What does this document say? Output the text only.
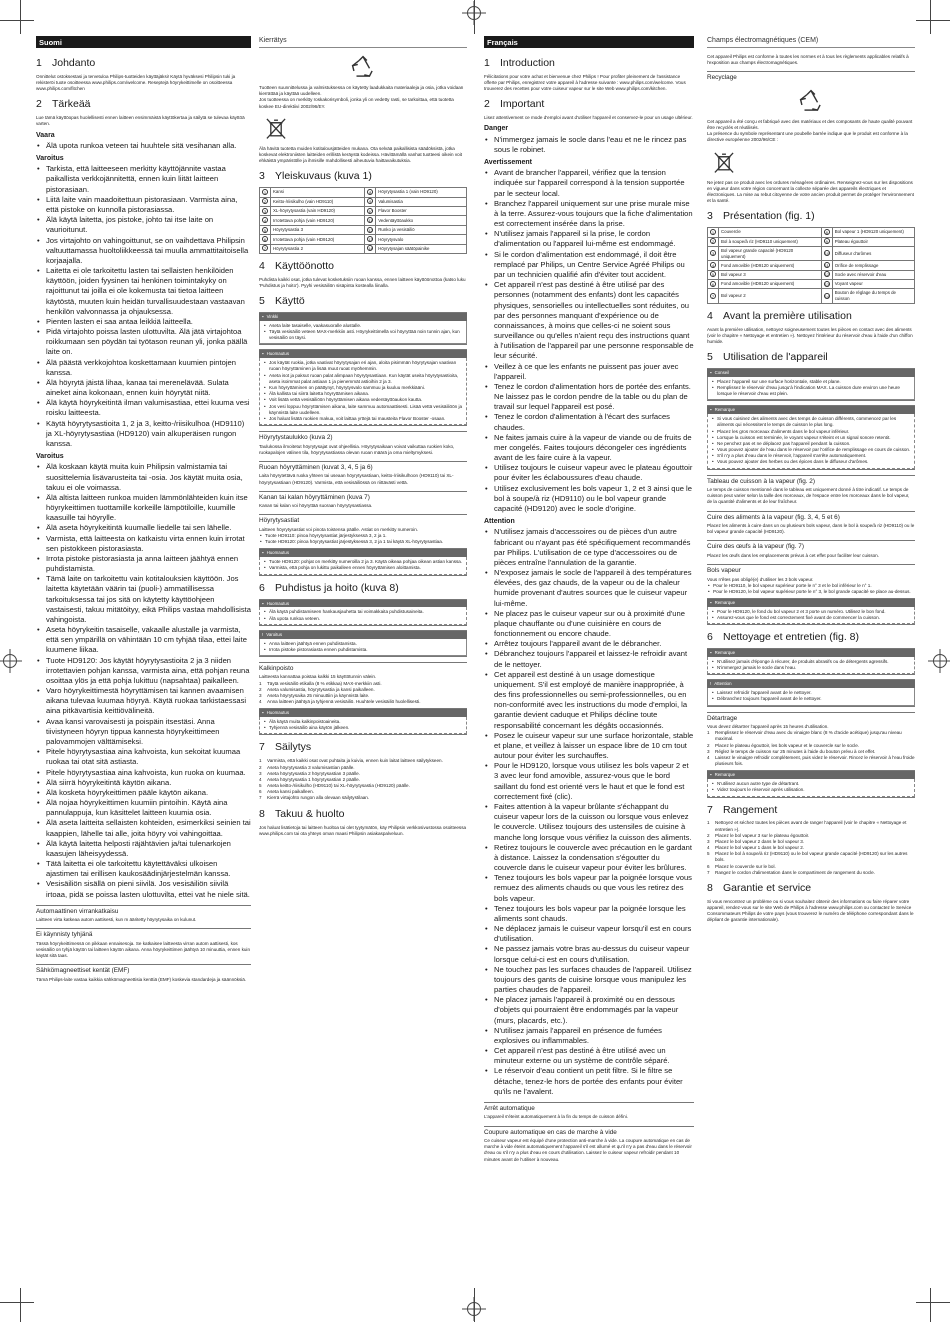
Suomi
1 Johdanto

Onnittelut ostoksestasi ja tervetuloa Philips-tuotteiden käyttäjäksi! Käytä hyväksesi Philipsin tuki ja rekisteröi tuote osoitteessa www.philips.com/welcome. Reseptejä höyrykeittimelle on osoitteessa www.philips.com/fitchen

2 Tärkeää

Lue tämä käyttöopas huolellisesti ennen laitteen ensimmäistä käyttökertaa ja säilytä se tulevaa käyttöä varten.

Vaara
• Älä upota runkoa veteen tai huuhtele sitä vesihanan alla.
Varoitus
• Tarkista, että laitteeseen merkitty käyttöjännite vastaa paikallista verkkojännitettä, ennen kuin liität laitteen pistorasiaan.
• Liitä laite vain maadoitettuun pistorasiaan. Varmista aina, että pistoke on kunnolla pistorasiassa.
• Älä käytä laitetta, jos pistoke, johto tai itse laite on vaurioitunut.
• Jos virtajohto on vahingoittunut, se on vaihdettava Philipsin valtuuttamassa huoltoliikkeessä tai muulla ammattitaitoisella korjaajalla.
• Laitetta ei ole tarkoitettu lasten tai sellaisten henkilöiden käyttöön, joiden fyysinen tai henkinen toimintakyky on rajoittunut tai joilla ei ole kokemusta tai tietoa laitteen käytöstä, muuten kuin heidän turvallisuudestaan vastaavan henkilön valvonnassa ja ohjauksessa.
• Pienten lasten ei saa antaa leikkiä laitteella.
• Pidä virtajohto poissa lasten ulottuvilta. Älä jätä virtajohtoa roikkumaan sen pöydän tai työtason reunan yli, jonka päällä laite on.
• Älä päästä verkkojohtoa koskettamaan kuumien pintojen kanssa.
• Älä höyrytä jäistä lihaa, kanaa tai merenelävää. Sulata aineket aina kokonaan, ennen kuin höyrytät niitä.
• Älä käytä höyrykeitintä ilman valumisastiaa, ettei kuuma vesi roisku laitteesta.
• Käytä höyrytysastioita 1, 2 ja 3, keitto-/riisikulhoa (HD9110) ja XL-höyrytysastiaa (HD9120) vain alkuperäisen rungon kanssa.
Varoitus
• Älä koskaan käytä muita kuin Philipsin valmistamia tai suosittelemia lisävarusteita tai -osia. Jos käytät muita osia, takuu ei ole voimassa.
• Älä altista laitteen runkoa muiden lämmönlähteiden kuin itse höyrykeittimen tuottamille korkeille lämpötiloille, kuumille kaasuille tai höyrylle.
• Älä aseta höyrykeitintä kuumalle liedelle tai sen lähelle.
• Varmista, että laitteesta on katkaistu virta ennen kuin irrotat sen pistokkeen pistorasiasta.
• Irrota pistoke pistorasiasta ja anna laitteen jäähtyä ennen puhdistamista.
• Tämä laite on tarkoitettu vain kotitalouksien käyttöön. Jos laitetta käytetään väärin tai (puoli-) ammatillisessa tarkoituksessa tai jos sitä on käytetty käyttöohjeen vastaisesti, takuu mitätöityy, eikä Philips vastaa mahdollisista vahingoista.
• Aseta höyrykeitin tasaiselle, vakaalle alustalle ja varmista, että sen ympärillä on vähintään 10 cm tyhjää tilaa, ettei laite kuumene liikaa.
• Tuote HD9120: Jos käytät höyrytysastioita 2 ja 3 niiden irrotettavien pohjan kanssa, varmista aina, että pohjan reuna osoittaa ylös ja että pohja lukittuu (napsahtaa) paikalleen.
• Varo höyrykeittimestä höyryttämisen tai kannen avaamisen aikana tulevaa kuumaa höyryä. Käytä ruokaa tarkistaessasi aina pitkävartisia keittiövälineitä.
• Avaa kansi varovaisesti ja poispäin itsestäsi. Anna tiivistyneen höyryn tippua kannesta höyrykeittimeen palovammojen välttämiseksi.
• Pitele höyrytysastiaa aina kahvoista, kun sekoitat kuumaa ruokaa tai otat sitä astiasta.
• Pitele höyrytysastiaa aina kahvoista, kun ruoka on kuumaa.
• Älä siirrä höyrykeitintä käytön aikana.
• Älä kosketa höyrykeittimen pääle käytön aikana.
• Älä nojaa höyrykeittimen kuumiin pintoihin. Käytä aina pannulappuja, kun käsittelet laitteen kuumia osia.
• Älä aseta laitteita sellaisten kohteiden, esimerkiksi seinien tai kaappien, lähelle tai alle, joita höyry voi vahingoittaa.
• Älä käytä laitetta helposti räjähtävien ja/tai tulenarkojen kaasujen läheisyydessä.
• Tätä laitetta ei ole tarkoitettu käytettäväksi ulkoisen ajastimen tai erillisen kaukosäädinjärjestelmän kanssa.
• Vesisäiliön sisällä on pieni siivilä. Jos vesisäiliön siivilä irtoaa, pidä se poissa lasten ulottuvilta, ettei vat he niele sitä.
Automaattinen virrankatkaisu

Laitteen virta katkeaa autom aattisesti, kun m ääritetty höyrytysaika on kulunut.

Ei käynnisty tyhjänä

Tässä höyrykeittimessä on pikkaan ennaisesoja. Se katkaisee laitteesta virran autom aattisesti, kos vesisäiliö on tyhjä käytön tai laitteen käytön aikana. Anna höyrykeittimen jäähtyä 10 minuuttia, ennen kuin käytät sitä taas.

Sähkömagneettiset kentät (EMF)

Tämä Philips-laite vastaa kaikkia sähkömagneettisia kenttiä (EMF) koskevia standardeja ja säännöksiä.

Kierrätys

Tuotteen suunnittelussa ja valmistuksessa on käytetty laadukkaita materiaaleja ja osia, jotka voidaan kierrättää ja käyttää uudelleen.

Jos tuotteessa on merkitty roskakorisymboli, jonka yli on vedetty rasti, se tarkoittaa, että tuotetta koskee EU-direktiivi 2002/96/EY.

Älä hävitä tuotetta muiden kotitalousjätteiden mukana. Ota selvää paikallisista säädöksistä, jotka koskevat elektroniisten laitteiden erillistä keräystä kodeissa. Hävittämällä vanhat tuotteesi oikein voit ehkäistä ympäristölle ja ihmisille mahdollisesti aiheutuvia haittavaikutuksia.

3 Yleiskuvaus (kuva 1)
1	Kansi	8	Höyrytysastia 1 (vain HD9120)
2	Keitto-/riisikulho (vain HD9110)	9	Valumisastia
3	XL-höyrytysastia (vain HD9120)	10	Flavor Booster
4	Irrotettava pohja (vain HD9120)	11	Vedentäyttöaukko
5	Höyrytysastia 3	12	Runko ja vesisäiliö
6	Irrotettava pohja (vain HD9120)	13	Höyrytysvalo
7	Höyrytysastia 2	14	Höyrytysajan säätöpainike
4 Käyttöönotto

Puhdista kaikki osat, jotka tulevat kosketuksiin ruoan kanssa, ennen laitteen käyttöönottoa (katso luku 'Puhdistus ja hoito'). Pyyhi vesisäiliön sisäpinta kostealla liinalla.

5 Käyttö
▪ Vinkki
• Aseta laite tasaiselle, vaakasuoralle alustalle.
• Täytä vesisäiliö veteen MAX-merkkiin asti. Höyrykeittimellä voi höyryttää noin tunnin ajan, kun vesisäiliö on täysi.
▪ Huomautus
• Jos käytät ruokia, jotka vaativat höyrytysajan eri ajan, aloita pisimmän höyrytysajan vaativan ruoan höyryttäminen ja lisää muut ruoat myöhemmin.
• Aseta isot ja paksut ruoan palat alimpaan höyrytysastiaan. Kun käytät useita höyrytysastioita, aseta isoimmat palat astiaan 1 ja pienemmät astioihin 2 ja 3.
• Kun höyryttäminen on päättynyt, höyrytysvalo sammuu ja kuuluu merkkiääni.
• Älä kallista tai siirrä laitetta höyryttämisen aikana.
• Voit lisätä vettä vesisäiliöön höyryttämisen aikana vedentäyttöaukon kautta.
• Jos vesi loppuu höyryttämisen aikana, laite sammuu automaattisesti. Lisää vettä vesisäiliöön ja käynnistä laite uudelleen.
• Jos haluat lisätä ruokien makua, voit laittaa yrttejä tai mausteita Flavor Booster -osaan.
Höyrytystaulukko (kuva 2)

Taulukossa ilmoitetut höyrytysajat ovat ohjeellisia. Höyrytysaikaan voivat vaikuttaa ruokien koko, ruokapalojen välinen tila, höyrytysastiassa olevan ruoan määrä ja oma mieltymyksesi.

Ruoan höyryttäminen (kuvat 3, 4, 5 ja 6)

Laita höyrytettävä ruoka yhteen tai useaan höyrytysastiaan, keitto-/riisikulhoon (HD9110) tai XL-höyrytysastiaan (HD9120). Varmista, että vesisäiliössä on riittävästi vettä.

Kanan tai kalan höyryttäminen (kuva 7)

Kanan tai kalan voi höyryttää suoraan höyrytysastiassa.

Höyrytysastiat

Laitteen höyrytysastiat voi pinota toistensa päälle. Astiat on merkitty numeroin.

• Tuote HD9110: pinoa höyrytysastiat järjestyksessä 3, 2 ja 1.
• Tuote HD9120: pinoa höyrytysastiat järjestyksessä 3, 2 ja 1 tai käytä XL-höyrytysastiaa.
▪ Huomautus
• Tuote HD9120: pohjat on merkitty numeroilla 2 ja 3. Käytä oikeaa pohjaa oikean astian kanssa.
• Varmista, että pohja on lukittu paikalleen ennen höyryttämisen aloittamista.
6 Puhdistus ja hoito (kuva 8)
▪ Huomautus
• Älä käytä puhdistamiseen hankausjauhetta tai voimakkaita puhdistusaineita.
• Älä upota runkoa veteen.
! Varoitus
• Anna laitteen jäähtyä ennen puhdistamista.
• Irrota pistoke pistorasiasta ennen puhdistamista.
Kalkinpoisto

Laitteesta kannattaa poistaa kalkki 15 käyttötunnin välein.

1 Täytä vesisäiliö etikalla (8 % etikkaa) MAX-merkkiin asti.
2 Aseta valumisastia, höyrytysastia ja kansi paikalleen.
3 Aseta höyrytysaika 25 minuuttiin ja käynnistä laite.
4 Anna laitteen jäähtyä ja tyhjennä vesisäiliö. Huuhtele vesisäiliö huolellisesti.
▪ Huomautus
• Älä käytä muita kalkinpoistoaineita.
• Tyhjennä vesisäiliö aina käytön jälkeen.
7 Säilytys
1 Varmista, että kaikki osat ovat puhtaita ja kuivia, ennen kuin laitat laitteen säilytykseen.
2 Aseta höyrytysastia 3 valumisastian päälle.
3 Aseta höyrytysastia 2 höyrytysastian 3 päälle.
4 Aseta höyrytysastia 1 höyrytysastian 2 päälle.
5 Aseta keitto-/riisikulho (HD9110) tai XL-höyrytysastia (HD9120) päälle.
6 Aseta kansi paikalleen.
7 Kierrä virtajohto rungon alla olevaan säilytystilaan.
8 Takuu & huolto

Jos haluat lisätietoja tai laitteen huoltoa tai olet tyytymätön, käy Philipsin verkkosivustossa osoitteessa www.philips.com tai ota yhteys oman maasi Philipsin asiakaspalveluun.

Français
1 Introduction

Félicitations pour votre achat et bienvenue chez Philips ! Pour profiter pleinement de l'assistance offerte par Philips, enregistrez votre appareil à l'adresse suivante : www.philips.com/welcome. Vous trouverez des recettes pour votre cuiseur vapeur sur le site Web www.philips.com/kitchen.

2 Important

Lisez attentivement ce mode d'emploi avant d'utiliser l'appareil et conservez-le pour un usage ultérieur.

Danger
• N'immergez jamais le socle dans l'eau et ne le rincez pas sous le robinet.
Avertissement
• Avant de brancher l'appareil, vérifiez que la tension indiquée sur l'appareil correspond à la tension supportée par le secteur local.
• Branchez l'appareil uniquement sur une prise murale mise à la terre. Assurez-vous toujours que la fiche d'alimentation est correctement insérée dans la prise.
• N'utilisez jamais l'appareil si la prise, le cordon d'alimentation ou l'appareil lui-même est endommagé.
• Si le cordon d'alimentation est endommagé, il doit être remplacé par Philips, un Centre Service Agréé Philips ou par un technicien qualifié afin d'éviter tout accident.
• Cet appareil n'est pas destiné à être utilisé par des personnes (notamment des enfants) dont les capacités physiques, sensorielles ou intellectuelles sont réduites, ou par des personnes manquant d'expérience ou de connaissances, à moins que celles-ci ne soient sous surveillance ou qu'elles n'aient reçu des instructions quant à l'utilisation de l'appareil par une personne responsable de leur sécurité.
• Veillez à ce que les enfants ne puissent pas jouer avec l'appareil.
• Tenez le cordon d'alimentation hors de portée des enfants. Ne laissez pas le cordon pendre de la table ou du plan de travail sur lequel l'appareil est posé.
• Tenez le cordon d'alimentation à l'écart des surfaces chaudes.
• Ne faites jamais cuire à la vapeur de viande ou de fruits de mer congelés. Faites toujours décongeler ces ingrédients avant de les faire cuire à la vapeur.
• Utilisez toujours le cuiseur vapeur avec le plateau égouttoir pour éviter les éclaboussures d'eau chaude.
• Utilisez exclusivement les bols vapeur 1, 2 et 3 ainsi que le bol à soupe/à riz (HD9110) ou le bol vapeur grande capacité (HD9120) avec le socle d'origine.
Attention
• N'utilisez jamais d'accessoires ou de pièces d'un autre fabricant ou n'ayant pas été spécifiquement recommandés par Philips. L'utilisation de ce type d'accessoires ou de pièces entraîne l'annulation de la garantie.
• N'exposez jamais le socle de l'appareil à des températures élevées, des gaz chauds, de la vapeur ou de la chaleur humide provenant d'autres sources que le cuiseur vapeur lui-même.
• Ne placez pas le cuiseur vapeur sur ou à proximité d'une plaque chauffante ou d'une cuisinière en cours de fonctionnement ou encore chaude.
• Arrêtez toujours l'appareil avant de le débrancher.
• Débranchez toujours l'appareil et laissez-le refroidir avant de le nettoyer.
• Cet appareil est destiné à un usage domestique uniquement. S'il est employé de manière inappropriée, à des fins professionnelles ou semi-professionnelles, ou en non-conformité avec les instructions du mode d'emploi, la garantie devient caduque et Philips décline toute responsabilité concernant les dégâts occasionnés.
• Posez le cuiseur vapeur sur une surface horizontale, stable et plane, et veillez à laisser un espace libre de 10 cm tout autour pour éviter les surchauffes.
• Pour le HD9120, lorsque vous utilisez les bols vapeur 2 et 3 avec leur fond amovible, assurez-vous que le bord saillant du fond est orienté vers le haut et que le fond est correctement fixé (clic).
• Faites attention à la vapeur brûlante s'échappant du cuiseur vapeur lors de la cuisson ou lorsque vous enlevez le couvercle. Utilisez toujours des ustensiles de cuisine à manche long lorsque vous vérifiez la cuisson des aliments.
• Retirez toujours le couvercle avec précaution en le gardant à distance. Laissez la condensation s'égoutter du couvercle dans le cuiseur vapeur pour éviter les brûlures.
• Tenez toujours les bols vapeur par la poignée lorsque vous remuez des aliments chauds ou que vous les retirez des bols vapeur.
• Tenez toujours les bols vapeur par la poignée lorsque les aliments sont chauds.
• Ne déplacez jamais le cuiseur vapeur lorsqu'il est en cours d'utilisation.
• Ne passez jamais votre bras au-dessus du cuiseur vapeur lorsque celui-ci est en cours d'utilisation.
• Ne touchez pas les surfaces chaudes de l'appareil. Utilisez toujours des gants de cuisine lorsque vous manipulez les parties chaudes de l'appareil.
• Ne placez jamais l'appareil à proximité ou en dessous d'objets qui pourraient être endommagés par la vapeur (murs, placards, etc.).
• N'utilisez jamais l'appareil en présence de fumées explosives ou inflammables.
• Cet appareil n'est pas destiné à être utilisé avec un minuteur externe ou un système de contrôle séparé.
• Le réservoir d'eau contient un petit filtre. Si le filtre se détache, tenez-le hors de portée des enfants pour éviter qu'ils ne l'avalent.
Arrêt automatique

L'appareil s'éteint automatiquement à la fin du temps de cuisson défini.

Coupure automatique en cas de marche à vide

Ce cuiseur vapeur est équipé d'une protection anti-marche à vide. La coupure automatique en cas de marche à vide éteint automatiquement l'appareil s'il est allumé et qu'il n'y a pas d'eau dans le réservoir d'eau ou s'il n'y a plus d'eau en cours d'utilisation. Laissez le cuiseur vapeur refroidir pendant 10 minutes avant de l'utiliser à nouveau.

Champs électromagnétiques (CEM)

Cet appareil Philips est conforme à toutes les normes et à tous les règlements applicables relatifs à l'exposition aux champs électromagnétiques.

Recyclage

Cet appareil a été conçu et fabriqué avec des matériaux et des composants de haute qualité pouvant être recyclés et réutilisés.

La présence du symbole représentant une poubelle barrée indique que le produit est conforme à la directive européenne 2002/96/CE :

Ne jetez pas ce produit avec les ordures ménagères ordinaires. Renseignez-vous sur les dispositions en vigueur dans votre région concernant la collecte séparée des appareils électriques et électroniques. La mise au rebut citoyenne de votre ancien produit permet de protéger l'environnement et la santé.

3 Présentation (fig. 1)
1	Couvercle	8	Bol vapeur 1 (HD9120 uniquement)
2	Bol à soupe/à riz (HD9110 uniquement)	9	Plateau égouttoir
3	Bol vapeur grande capacité (HD9120 uniquement)	10	Diffuseur d'arômes
4	Fond amovible (HD9120 uniquement)	11	Orifice de remplissage
5	Bol vapeur 3	12	Socle avec réservoir d'eau
6	Fond amovible (HD9120 uniquement)	13	Voyant vapeur
7	Bol vapeur 2	14	Bouton de réglage du temps de cuisson
4 Avant la première utilisation

Avant la première utilisation, nettoyez soigneusement toutes les pièces en contact avec des aliments (voir le chapitre « Nettoyage et entretien »). Nettoyez l'intérieur du réservoir d'eau à l'aide d'un chiffon humide.

5 Utilisation de l'appareil
▪ Conseil
• Placez l'appareil sur une surface horizontale, stable et plane.
• Remplissez le réservoir d'eau jusqu'à l'indication MAX. La cuisson dure environ une heure lorsque le réservoir d'eau est plein.
▪ Remarque
• Si vous cuisinez des aliments avec des temps de cuisson différents, commencez par les aliments qui nécessitent le temps de cuisson le plus long.
• Placez les gros morceaux d'aliments dans le bol vapeur inférieur.
• Lorsque la cuisson est terminée, le voyant vapeur s'éteint et un signal sonore retentit.
• Ne penchez pas et ne déplacez pas l'appareil pendant la cuisson.
• Vous pouvez ajouter de l'eau dans le réservoir par l'orifice de remplissage en cours de cuisson.
• S'il n'y a plus d'eau dans le réservoir, l'appareil s'arrête automatiquement.
• Vous pouvez ajouter des herbes ou des épices dans le diffuseur d'arômes.
Tableau de cuisson à la vapeur (fig. 2)

Le temps de cuisson mentionné dans le tableau est uniquement donné à titre indicatif. Le temps de cuisson peut varier selon la taille des morceaux, de l'espace entre les morceaux dans le bol vapeur, de la quantité d'aliments et de leur fraîcheur.

Cuire des aliments à la vapeur (fig. 3, 4, 5 et 6)

Placez les aliments à cuire dans un ou plusieurs bols vapeur, dans le bol à soupe/à riz (HD9110) ou le bol vapeur grande capacité (HD9120).

Cuire des œufs à la vapeur (fig. 7)

Placez les œufs dans les emplacements prévus à cet effet pour faciliter leur cuisson.

Bols vapeur

Vous n'êtes pas obligé(e) d'utiliser les 3 bols vapeur.

• Pour le HD9110, le bol vapeur supérieur porte le n° 3 et le bol inférieur le n° 1.
• Pour le HD9120, le bol vapeur supérieur porte le n° 3, le bol grande capacité se place au-dessus.
▪ Remarque
• Pour le HD9120, le fond du bol vapeur 2 et 3 porte un numéro. Utilisez le bon fond.
• Assurez-vous que le fond est correctement fixé avant de commencer la cuisson.
6 Nettoyage et entretien (fig. 8)
▪ Remarque
• N'utilisez jamais d'éponge à récurer, de produits abrasifs ou de détergents agressifs.
• N'immergez jamais le socle dans l'eau.
! Attention
• Laissez refroidir l'appareil avant de le nettoyer.
• Débranchez toujours l'appareil avant de le nettoyer.
Détartrage

Vous devez détartrer l'appareil après 15 heures d'utilisation.

1 Remplissez le réservoir d'eau avec du vinaigre blanc (8 % d'acide acétique) jusqu'au niveau maximal.
2 Placez le plateau égouttoir, les bols vapeur et le couvercle sur le socle.
3 Réglez le temps de cuisson sur 25 minutes à l'aide du bouton prévu à cet effet.
4 Laissez le vinaigre refroidir complètement, puis videz le réservoir. Rincez le réservoir à l'eau froide plusieurs fois.
▪ Remarque
• N'utilisez aucun autre type de détartrant.
• Videz toujours le réservoir après utilisation.
7 Rangement
1 Nettoyez et séchez toutes les pièces avant de ranger l'appareil (voir le chapitre « Nettoyage et entretien »).
2 Placez le bol vapeur 3 sur le plateau égouttoir.
3 Placez le bol vapeur 2 dans le bol vapeur 3.
4 Placez le bol vapeur 1 dans le bol vapeur 2.
5 Placez le bol à soupe/à riz (HD9110) ou le bol vapeur grande capacité (HD9120) sur les autres bols.
6 Placez le couvercle sur le bol.
7 Rangez le cordon d'alimentation dans le compartiment de rangement du socle.
8 Garantie et service

Si vous rencontrez un problème ou si vous souhaitez obtenir des informations ou faire réparer votre appareil, rendez-vous sur le site Web de Philips à l'adresse www.philips.com ou contactez le Service Consommateurs Philips de votre pays (vous trouverez le numéro de téléphone correspondant dans le dépliant de garantie internationale).
